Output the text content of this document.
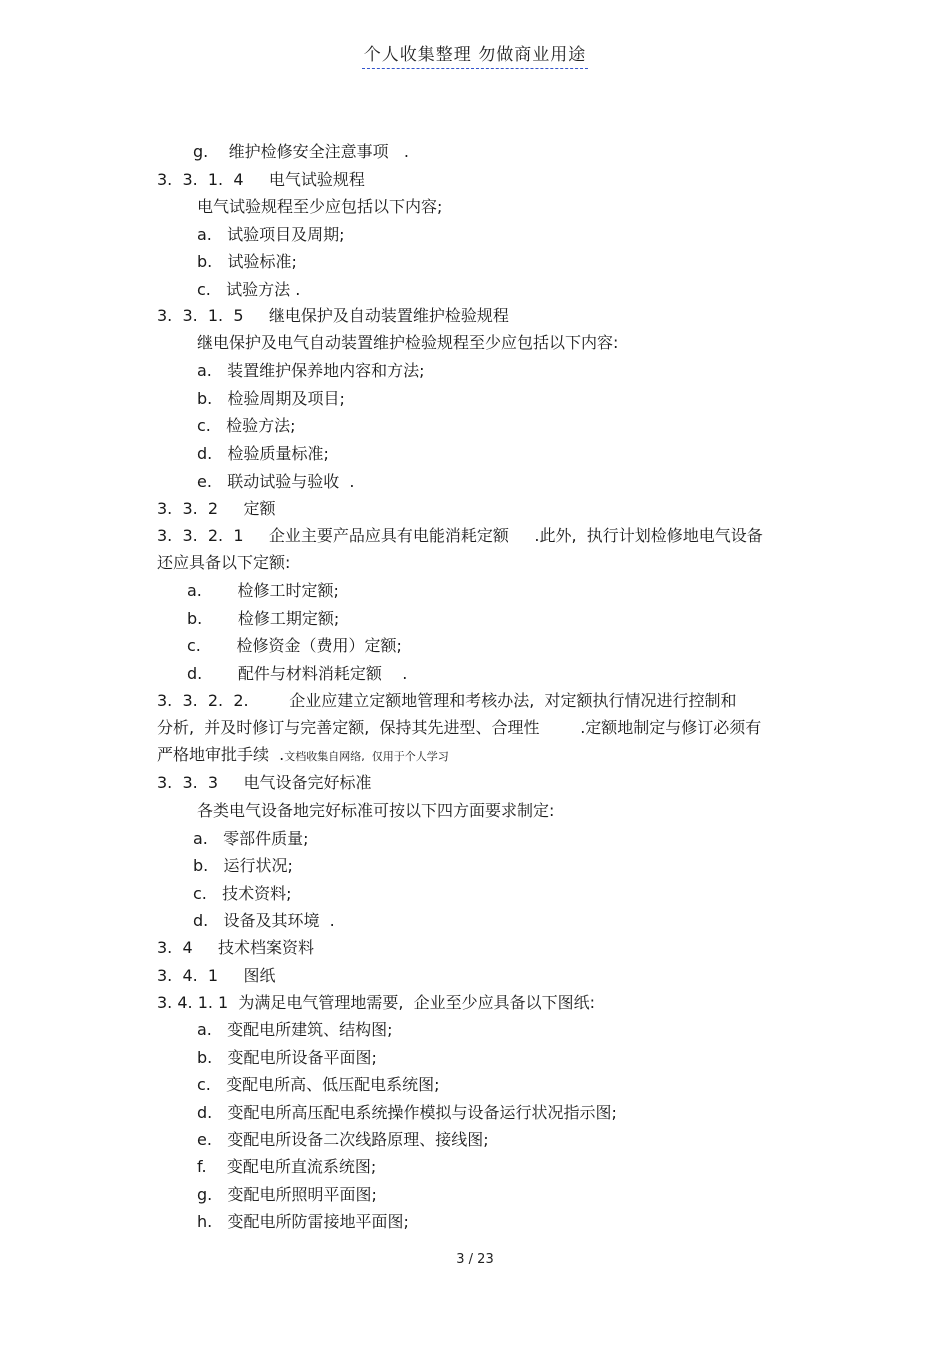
个人收集整理 勿做商业用途
g.    维护检修安全注意事项   .
3.  3.  1.  4     电气试验规程
电气试验规程至少应包括以下内容;
a.   试验项目及周期;
b.   试验标准;
c.   试验方法 .
3.  3.  1.  5     继电保护及自动装置维护检验规程
继电保护及电气自动装置维护检验规程至少应包括以下内容:
a.   装置维护保养地内容和方法;
b.   检验周期及项目;
c.   检验方法;
d.   检验质量标准;
e.   联动试验与验收  .
3.  3.  2     定额
3.  3.  2.  1     企业主要产品应具有电能消耗定额     .此外,  执行计划检修地电气设备
还应具备以下定额:
a.       检修工时定额;
b.       检修工期定额;
c.       检修资金（费用）定额;
d.       配件与材料消耗定额    .
3.  3.  2.  2.        企业应建立定额地管理和考核办法,  对定额执行情况进行控制和
分析,  并及时修订与完善定额,  保持其先进型、合理性        .定额地制定与修订必须有
严格地审批手续  .文档收集自网络,  仅用于个人学习
3.  3.  3     电气设备完好标准
各类电气设备地完好标准可按以下四方面要求制定:
a.   零部件质量;
b.   运行状况;
c.   技术资料;
d.   设备及其环境  .
3.  4     技术档案资料
3.  4.  1     图纸
3. 4. 1. 1  为满足电气管理地需要,  企业至少应具备以下图纸:
a.   变配电所建筑、结构图;
b.   变配电所设备平面图;
c.   变配电所高、低压配电系统图;
d.   变配电所高压配电系统操作模拟与设备运行状况指示图;
e.   变配电所设备二次线路原理、接线图;
f.    变配电所直流系统图;
g.   变配电所照明平面图;
h.   变配电所防雷接地平面图;
3 / 23
